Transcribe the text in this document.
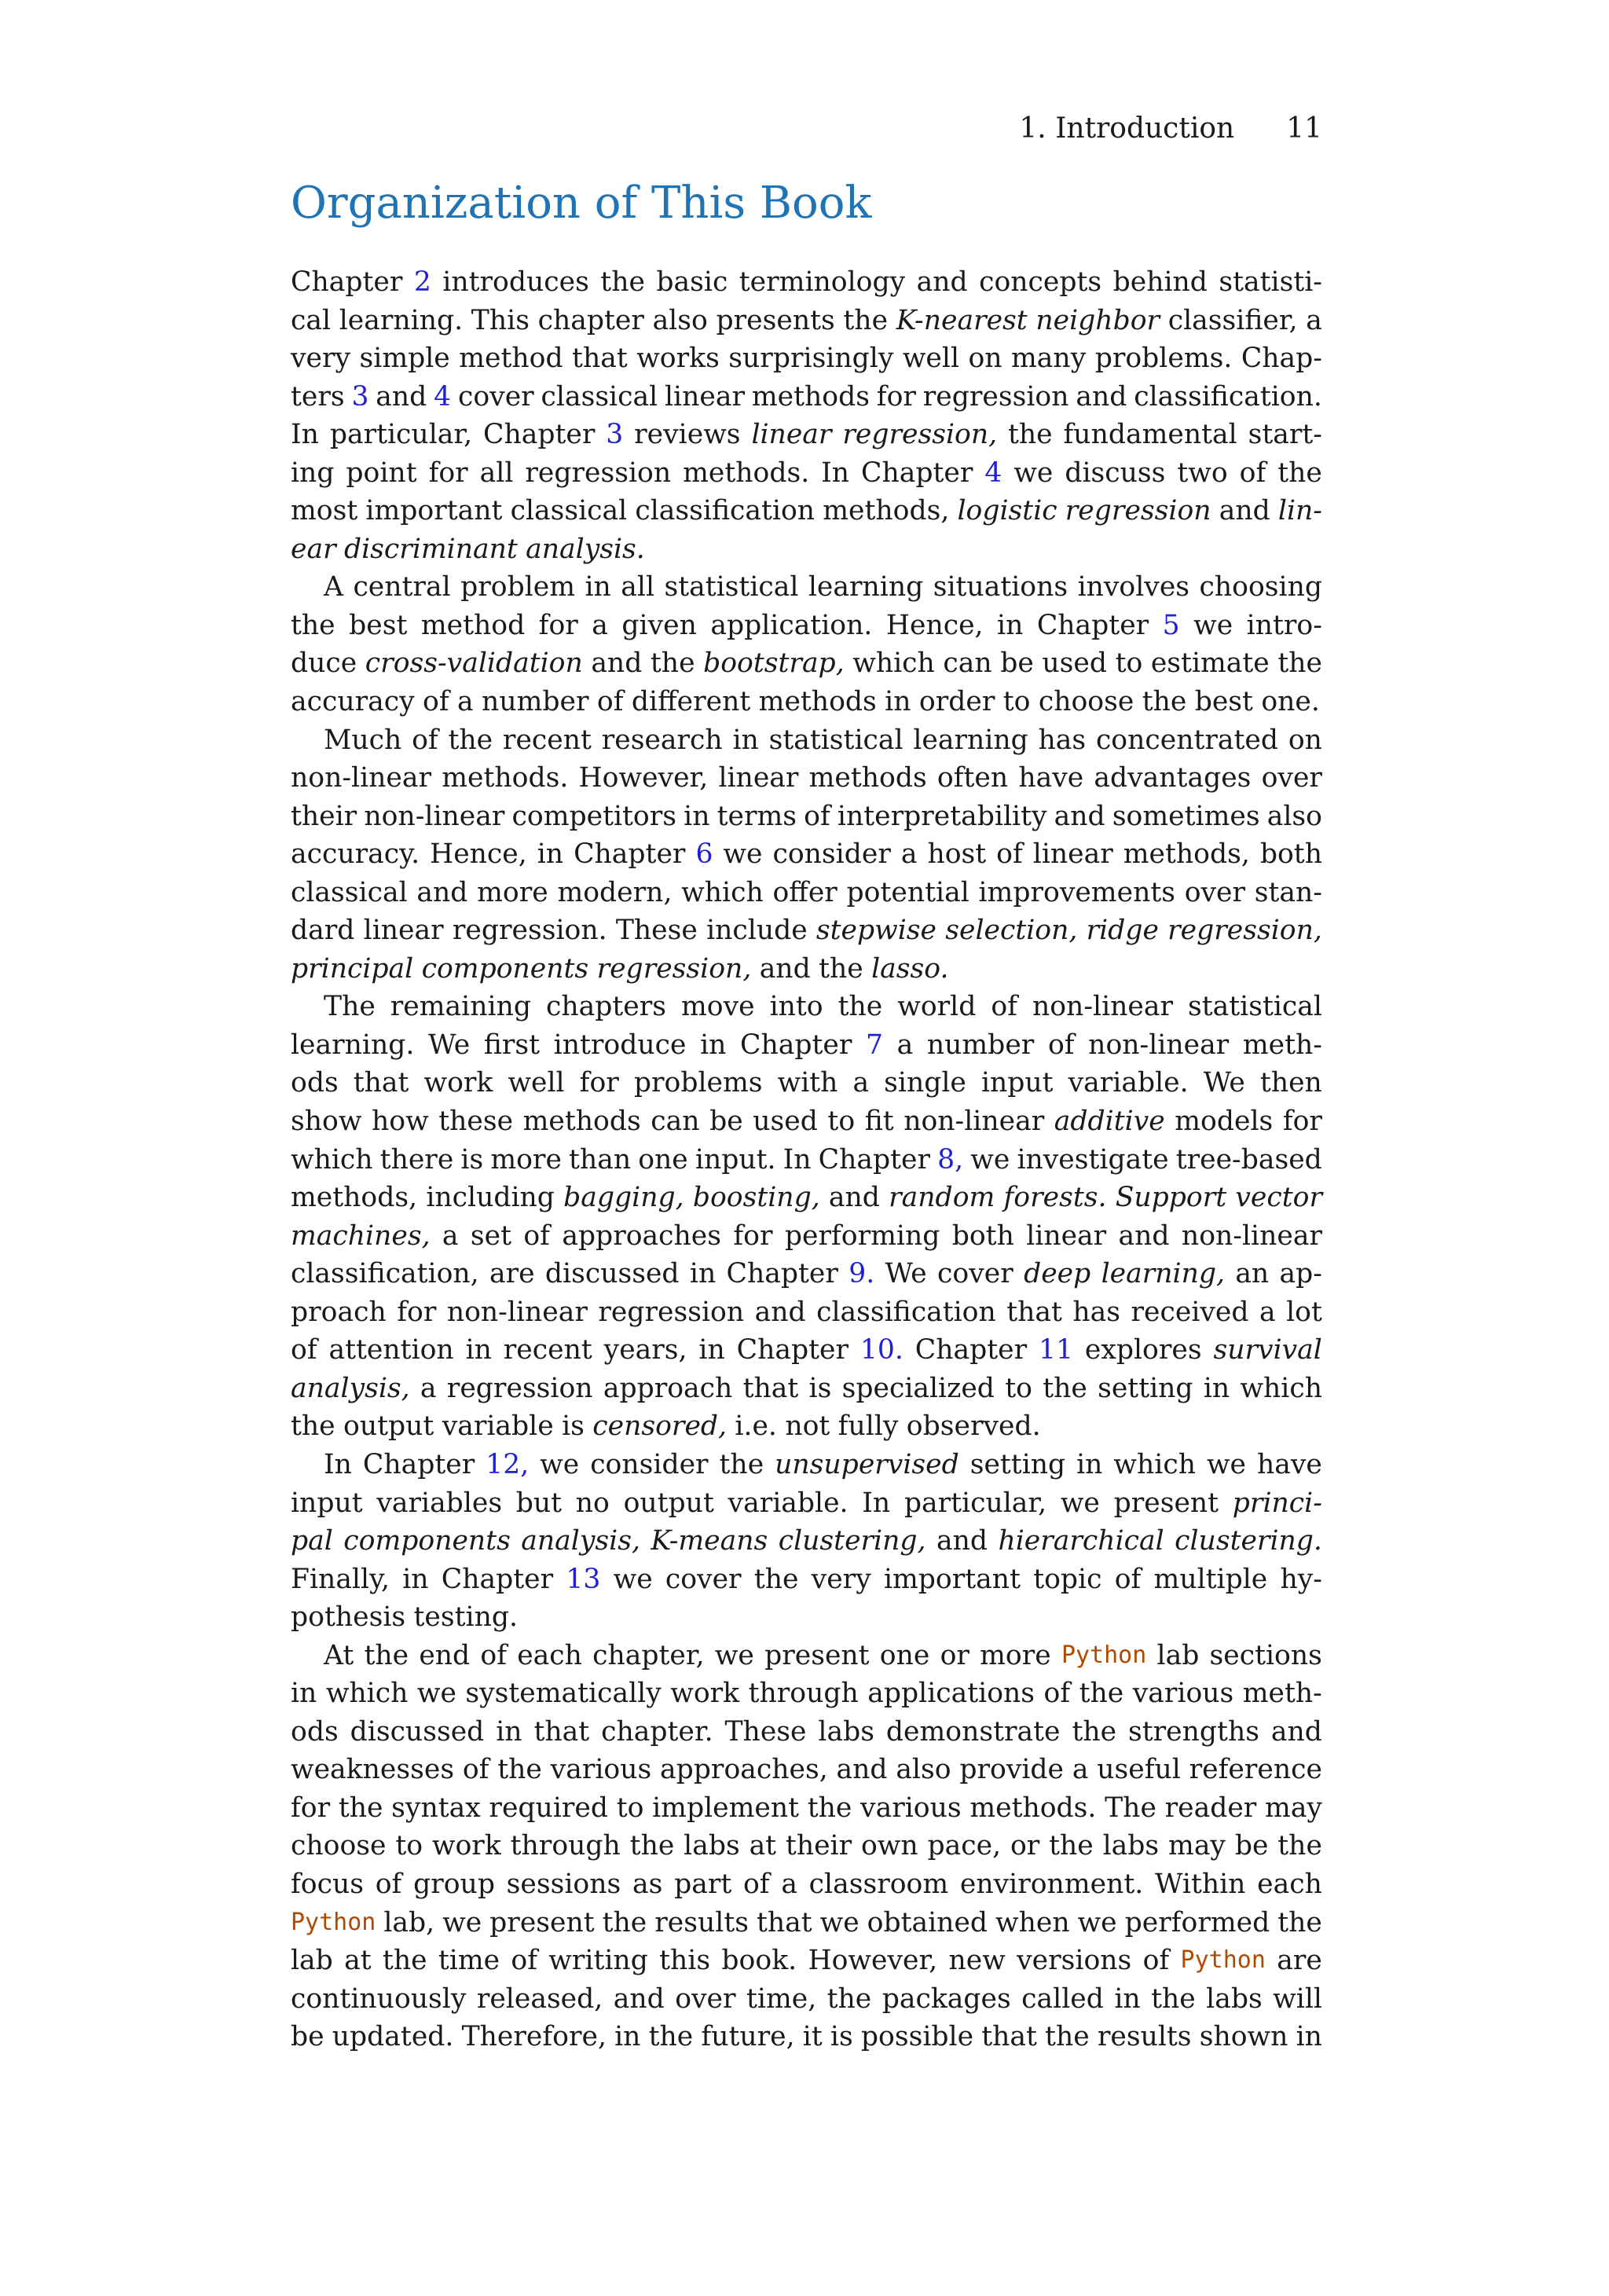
1. Introduction 11
Organization of This Book
Chapter 2 introduces the basic terminology and concepts behind statisti-
cal learning. This chapter also presents the K-nearest neighbor classifier, a
very simple method that works surprisingly well on many problems. Chap-
ters 3 and 4 cover classical linear methods for regression and classification.
In particular, Chapter 3 reviews linear regression, the fundamental start-
ing point for all regression methods. In Chapter 4 we discuss two of the
most important classical classification methods, logistic regression and lin-
ear discriminant analysis.
A central problem in all statistical learning situations involves choosing
the best method for a given application. Hence, in Chapter 5 we intro-
duce cross-validation and the bootstrap, which can be used to estimate the
accuracy of a number of different methods in order to choose the best one.
Much of the recent research in statistical learning has concentrated on
non-linear methods. However, linear methods often have advantages over
their non-linear competitors in terms of interpretability and sometimes also
accuracy. Hence, in Chapter 6 we consider a host of linear methods, both
classical and more modern, which offer potential improvements over stan-
dard linear regression. These include stepwise selection, ridge regression,
principal components regression, and the lasso.
The remaining chapters move into the world of non-linear statistical
learning. We first introduce in Chapter 7 a number of non-linear meth-
ods that work well for problems with a single input variable. We then
show how these methods can be used to fit non-linear additive models for
which there is more than one input. In Chapter 8, we investigate tree-based
methods, including bagging, boosting, and random forests. Support vector
machines, a set of approaches for performing both linear and non-linear
classification, are discussed in Chapter 9. We cover deep learning, an ap-
proach for non-linear regression and classification that has received a lot
of attention in recent years, in Chapter 10. Chapter 11 explores survival
analysis, a regression approach that is specialized to the setting in which
the output variable is censored, i.e. not fully observed.
In Chapter 12, we consider the unsupervised setting in which we have
input variables but no output variable. In particular, we present princi-
pal components analysis, K-means clustering, and hierarchical clustering.
Finally, in Chapter 13 we cover the very important topic of multiple hy-
pothesis testing.
At the end of each chapter, we present one or more Python lab sections
in which we systematically work through applications of the various meth-
ods discussed in that chapter. These labs demonstrate the strengths and
weaknesses of the various approaches, and also provide a useful reference
for the syntax required to implement the various methods. The reader may
choose to work through the labs at their own pace, or the labs may be the
focus of group sessions as part of a classroom environment. Within each
Python lab, we present the results that we obtained when we performed the
lab at the time of writing this book. However, new versions of Python are
continuously released, and over time, the packages called in the labs will
be updated. Therefore, in the future, it is possible that the results shown in
